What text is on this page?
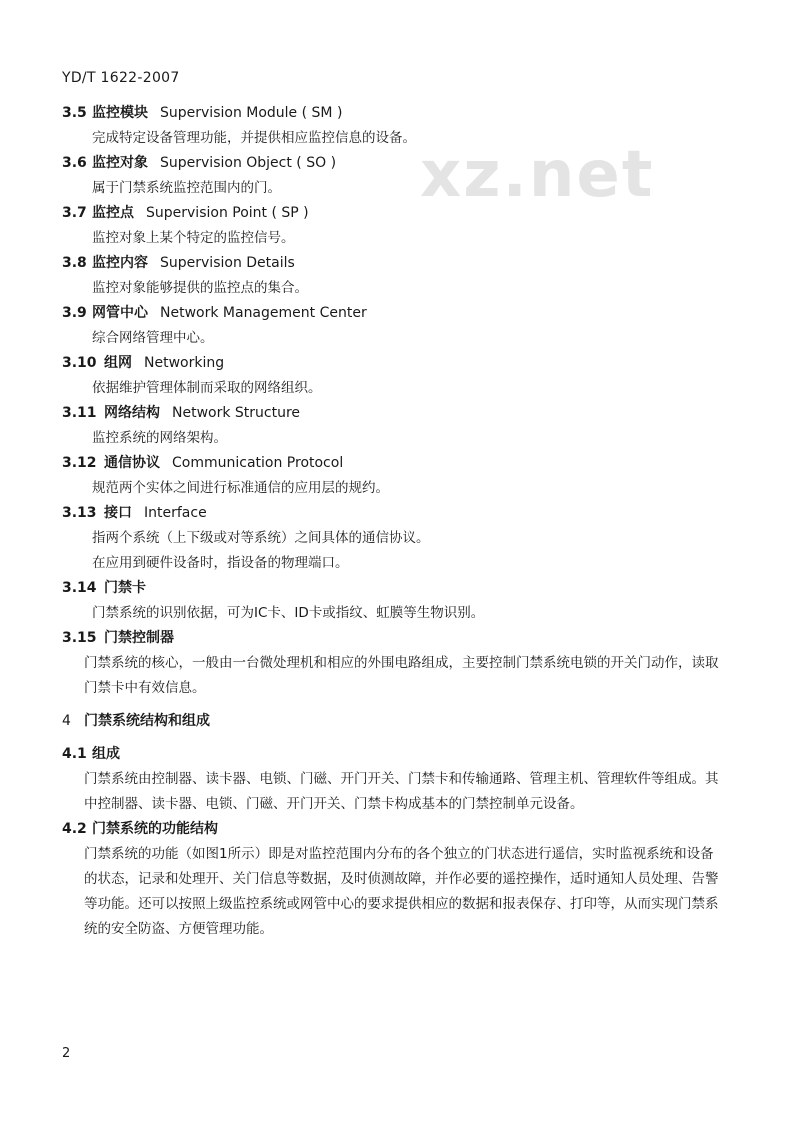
xz.net
YD/T 1622-2007
3.5 监控模块 Supervision Module ( SM )
完成特定设备管理功能，并提供相应监控信息的设备。
3.6 监控对象 Supervision Object ( SO )
属于门禁系统监控范围内的门。
3.7 监控点 Supervision Point ( SP )
监控对象上某个特定的监控信号。
3.8 监控内容 Supervision Details
监控对象能够提供的监控点的集合。
3.9 网管中心 Network Management Center
综合网络管理中心。
3.10 组网 Networking
依据维护管理体制而采取的网络组织。
3.11 网络结构 Network Structure
监控系统的网络架构。
3.12 通信协议 Communication Protocol
规范两个实体之间进行标准通信的应用层的规约。
3.13 接口 Interface
指两个系统（上下级或对等系统）之间具体的通信协议。
在应用到硬件设备时，指设备的物理端口。
3.14 门禁卡
门禁系统的识别依据，可为IC卡、ID卡或指纹、虹膜等生物识别。
3.15 门禁控制器
门禁系统的核心，一般由一台微处理机和相应的外围电路组成，主要控制门禁系统电锁的开关门动作，读取门禁卡中有效信息。
4 门禁系统结构和组成
4.1 组成
门禁系统由控制器、读卡器、电锁、门磁、开门开关、门禁卡和传输通路、管理主机、管理软件等组成。其中控制器、读卡器、电锁、门磁、开门开关、门禁卡构成基本的门禁控制单元设备。
4.2 门禁系统的功能结构
门禁系统的功能（如图1所示）即是对监控范围内分布的各个独立的门状态进行遥信，实时监视系统和设备的状态，记录和处理开、关门信息等数据，及时侦测故障，并作必要的遥控操作，适时通知人员处理、告警等功能。还可以按照上级监控系统或网管中心的要求提供相应的数据和报表保存、打印等，从而实现门禁系统的安全防盗、方便管理功能。
2
